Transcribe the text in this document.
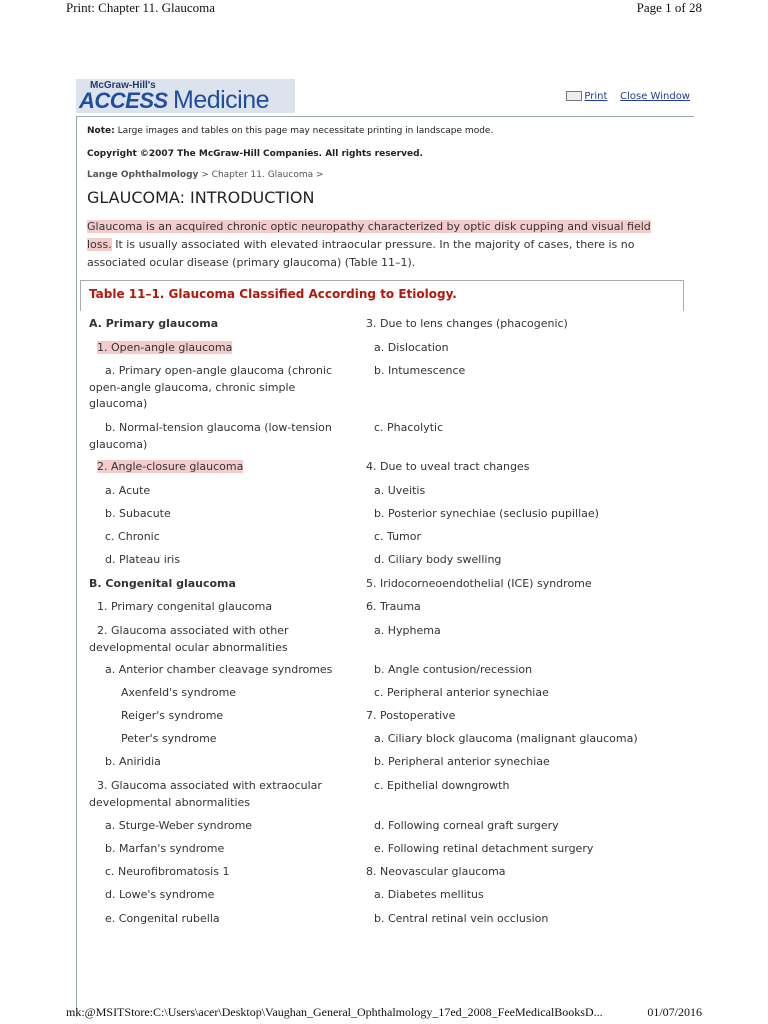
Print: Chapter 11. Glaucoma	Page 1 of 28
McGraw-Hill's
ACCESS Medicine	Print Close Window
Note: Large images and tables on this page may necessitate printing in landscape mode.
Copyright ©2007 The McGraw-Hill Companies. All rights reserved.
Lange Ophthalmology > Chapter 11. Glaucoma >
GLAUCOMA: INTRODUCTION
Glaucoma is an acquired chronic optic neuropathy characterized by optic disk cupping and visual field loss. It is usually associated with elevated intraocular pressure. In the majority of cases, there is no associated ocular disease (primary glaucoma) (Table 11–1).
Table 11–1. Glaucoma Classified According to Etiology.
A. Primary glaucoma
1. Open-angle glaucoma
a. Primary open-angle glaucoma (chronic open-angle glaucoma, chronic simple glaucoma)
b. Normal-tension glaucoma (low-tension glaucoma)
2. Angle-closure glaucoma
a. Acute
b. Subacute
c. Chronic
d. Plateau iris
B. Congenital glaucoma
1. Primary congenital glaucoma
2. Glaucoma associated with other developmental ocular abnormalities
a. Anterior chamber cleavage syndromes
Axenfeld's syndrome
Reiger's syndrome
Peter's syndrome
b. Aniridia
3. Glaucoma associated with extraocular developmental abnormalities
a. Sturge-Weber syndrome
b. Marfan's syndrome
c. Neurofibromatosis 1
d. Lowe's syndrome
e. Congenital rubella
3. Due to lens changes (phacogenic)
a. Dislocation
b. Intumescence
c. Phacolytic
4. Due to uveal tract changes
a. Uveitis
b. Posterior synechiae (seclusio pupillae)
c. Tumor
d. Ciliary body swelling
5. Iridocorneoendothelial (ICE) syndrome
6. Trauma
a. Hyphema
b. Angle contusion/recession
c. Peripheral anterior synechiae
7. Postoperative
a. Ciliary block glaucoma (malignant glaucoma)
b. Peripheral anterior synechiae
c. Epithelial downgrowth
d. Following corneal graft surgery
e. Following retinal detachment surgery
8. Neovascular glaucoma
a. Diabetes mellitus
b. Central retinal vein occlusion
mk:@MSITStore:C:\Users\acer\Desktop\Vaughan_General_Ophthalmology_17ed_2008_FeeMedicalBooksD...	01/07/2016
